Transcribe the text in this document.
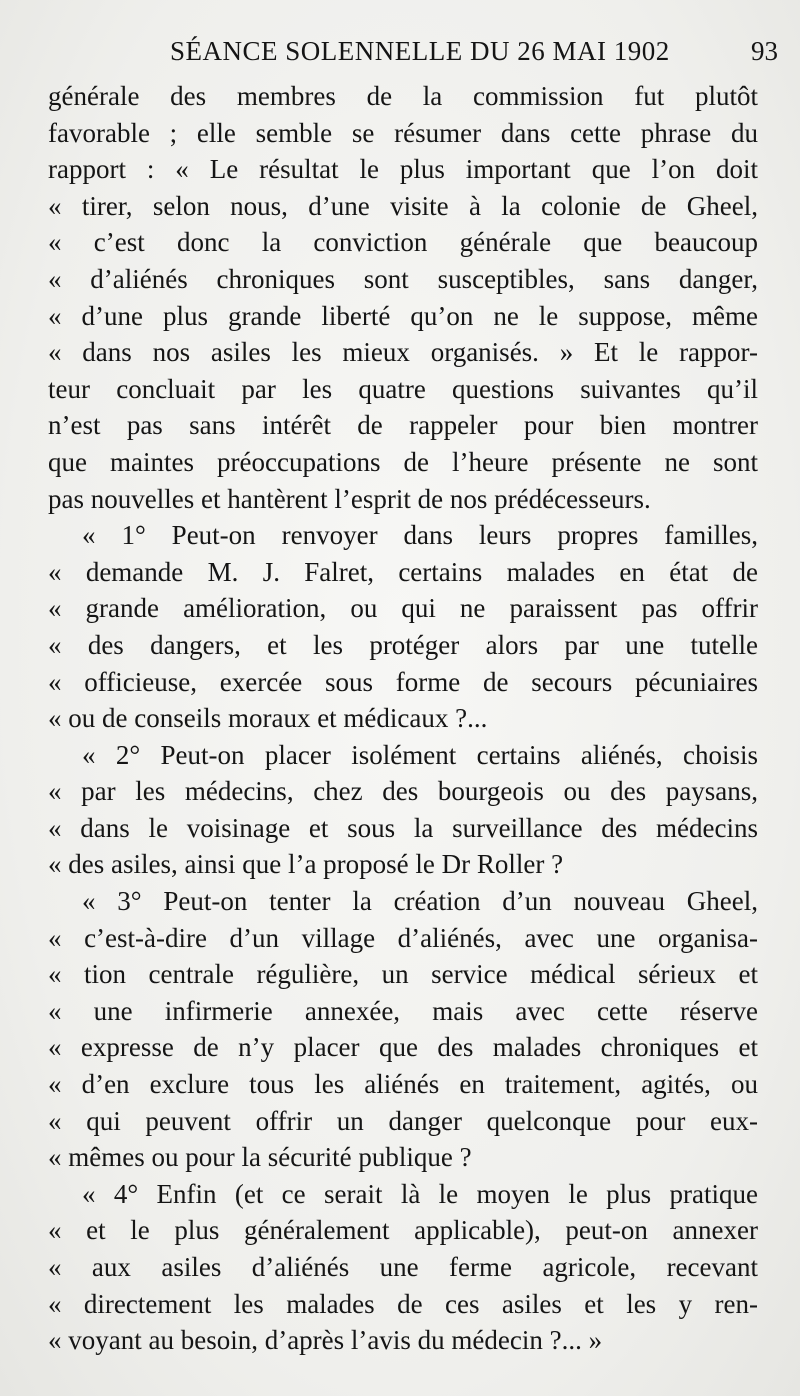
SÉANCE SOLENNELLE DU 26 MAI 1902	93
générale des membres de la commission fut plutôt
favorable ; elle semble se résumer dans cette phrase du
rapport : « Le résultat le plus important que l’on doit
« tirer, selon nous, d’une visite à la colonie de Gheel,
« c’est donc la conviction générale que beaucoup
« d’aliénés chroniques sont susceptibles, sans danger,
« d’une plus grande liberté qu’on ne le suppose, même
« dans nos asiles les mieux organisés. » Et le rappor-
teur concluait par les quatre questions suivantes qu’il
n’est pas sans intérêt de rappeler pour bien montrer
que maintes préoccupations de l’heure présente ne sont
pas nouvelles et hantèrent l’esprit de nos prédécesseurs.
« 1° Peut-on renvoyer dans leurs propres familles,
« demande M. J. Falret, certains malades en état de
« grande amélioration, ou qui ne paraissent pas offrir
« des dangers, et les protéger alors par une tutelle
« officieuse, exercée sous forme de secours pécuniaires
« ou de conseils moraux et médicaux ?...
« 2° Peut-on placer isolément certains aliénés, choisis
« par les médecins, chez des bourgeois ou des paysans,
« dans le voisinage et sous la surveillance des médecins
« des asiles, ainsi que l’a proposé le Dr Roller ?
« 3° Peut-on tenter la création d’un nouveau Gheel,
« c’est-à-dire d’un village d’aliénés, avec une organisa-
« tion centrale régulière, un service médical sérieux et
« une infirmerie annexée, mais avec cette réserve
« expresse de n’y placer que des malades chroniques et
« d’en exclure tous les aliénés en traitement, agités, ou
« qui peuvent offrir un danger quelconque pour eux-
« mêmes ou pour la sécurité publique ?
« 4° Enfin (et ce serait là le moyen le plus pratique
« et le plus généralement applicable), peut-on annexer
« aux asiles d’aliénés une ferme agricole, recevant
« directement les malades de ces asiles et les y ren-
« voyant au besoin, d’après l’avis du médecin ?... »
